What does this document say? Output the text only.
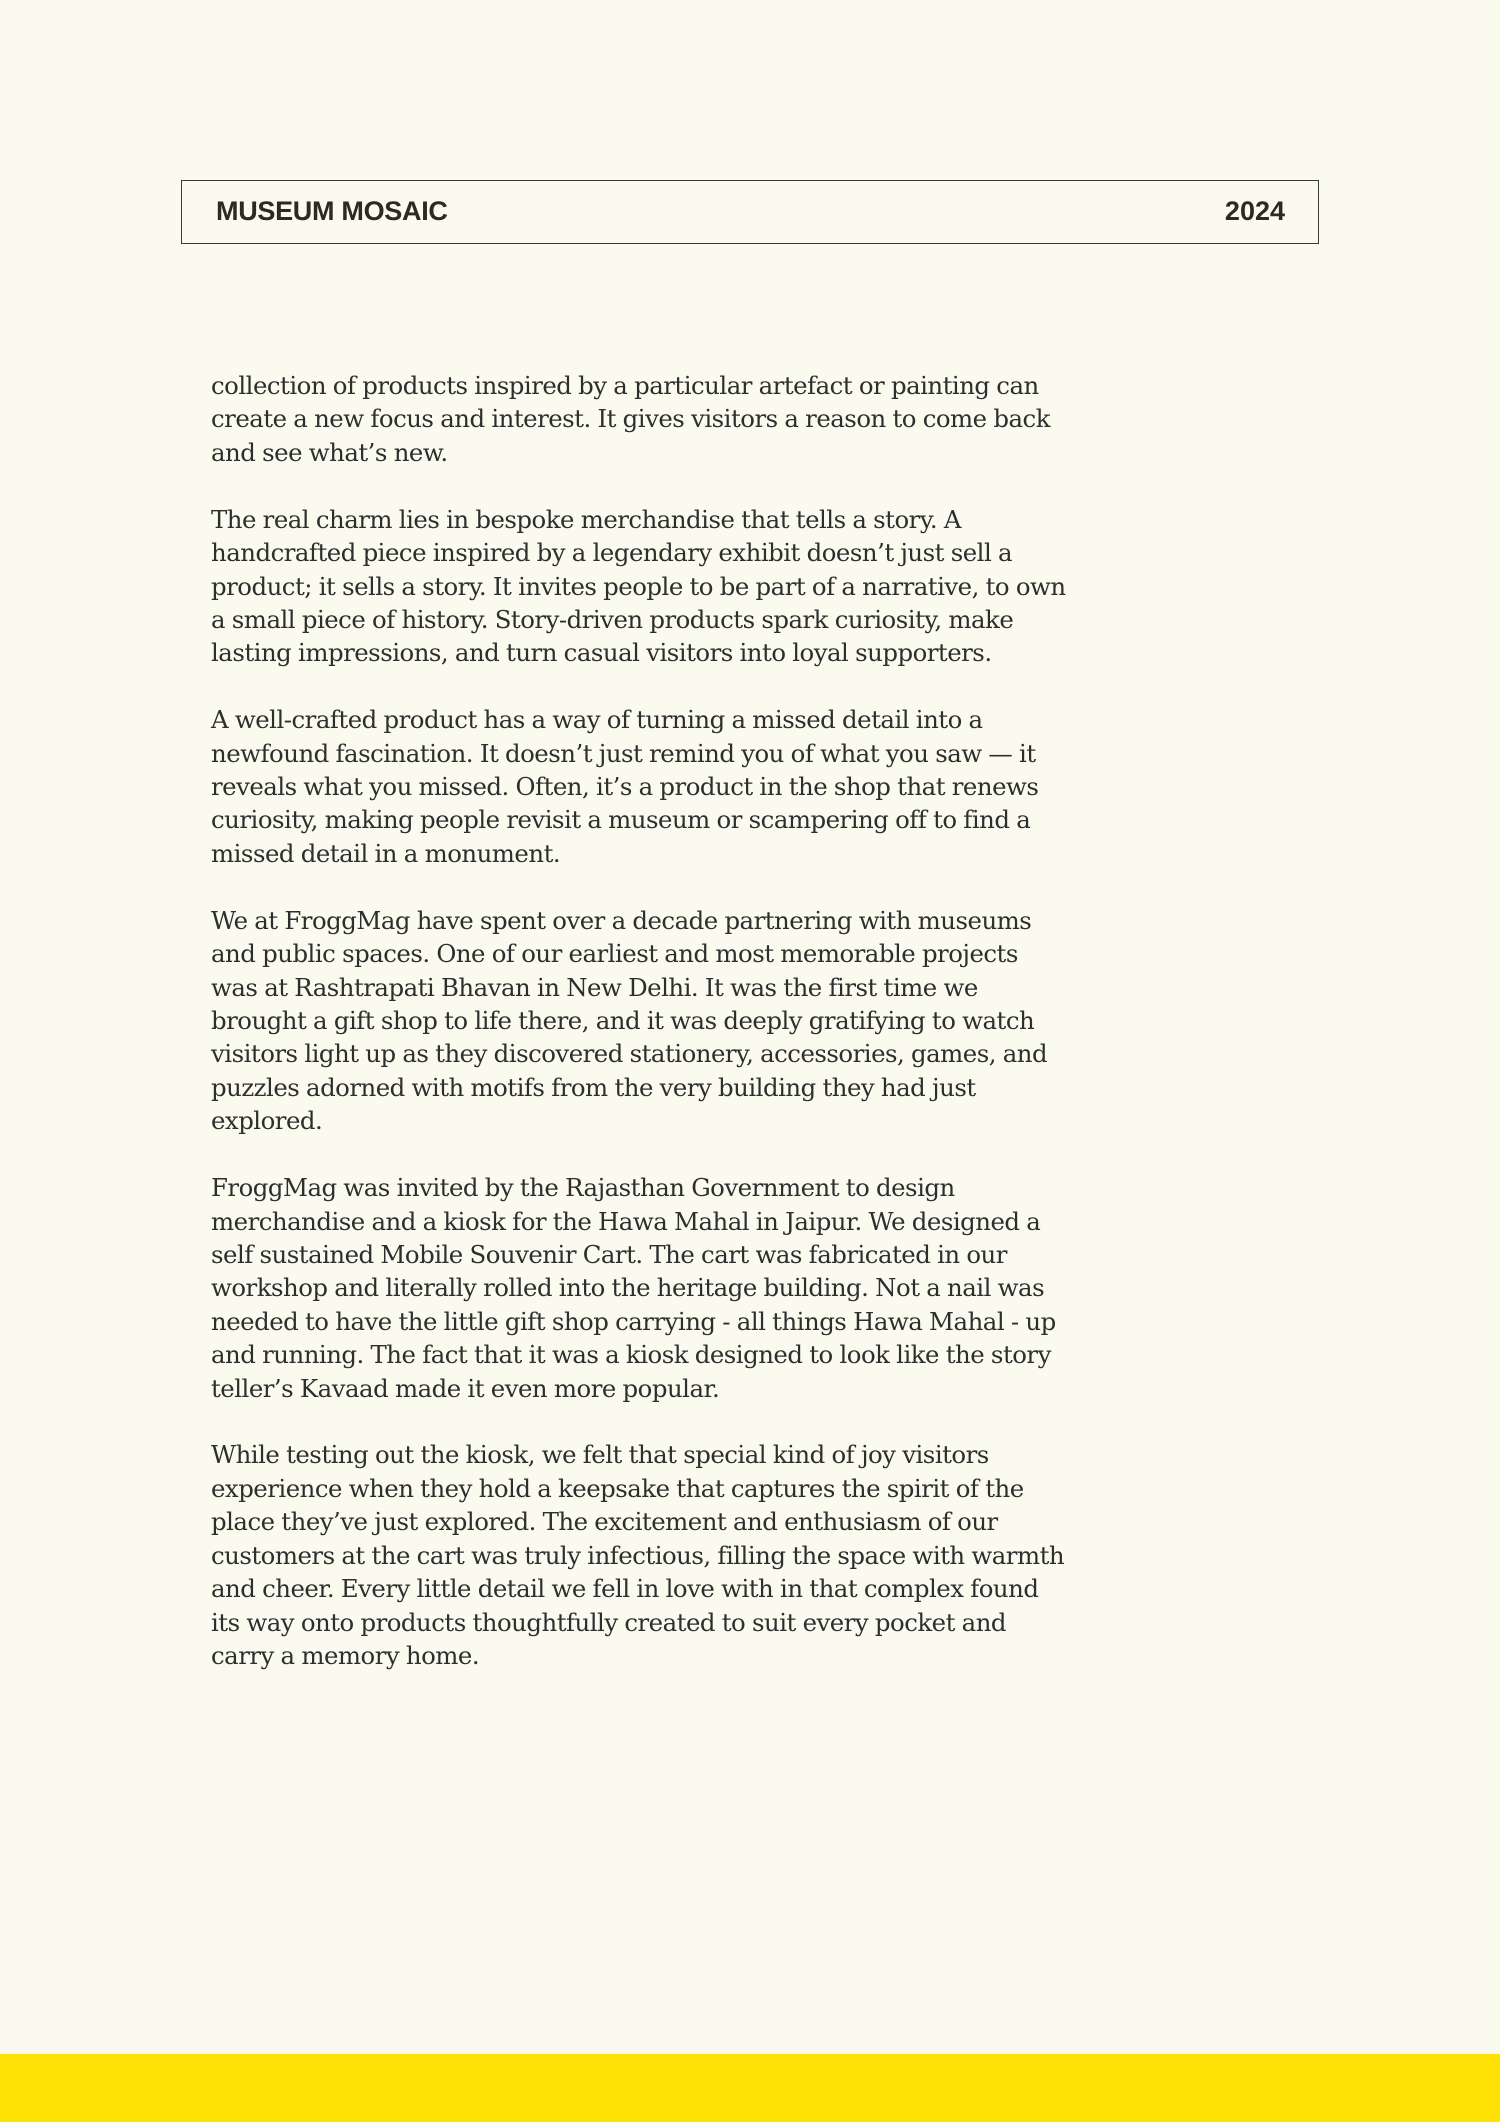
MUSEUM MOSAIC	2024

collection of products inspired by a particular artefact or painting can create a new focus and interest. It gives visitors a reason to come back and see what’s new.

The real charm lies in bespoke merchandise that tells a story. A handcrafted piece inspired by a legendary exhibit doesn’t just sell a product; it sells a story. It invites people to be part of a narrative, to own a small piece of history. Story-driven products spark curiosity, make lasting impressions, and turn casual visitors into loyal supporters.

A well-crafted product has a way of turning a missed detail into a newfound fascination. It doesn’t just remind you of what you saw — it reveals what you missed. Often, it’s a product in the shop that renews curiosity, making people revisit a museum or scampering off to find a missed detail in a monument.

We at FroggMag have spent over a decade partnering with museums and public spaces. One of our earliest and most memorable projects was at Rashtrapati Bhavan in New Delhi. It was the first time we brought a gift shop to life there, and it was deeply gratifying to watch visitors light up as they discovered stationery, accessories, games, and puzzles adorned with motifs from the very building they had just explored.

FroggMag was invited by the Rajasthan Government to design merchandise and a kiosk for the Hawa Mahal in Jaipur. We designed a self sustained Mobile Souvenir Cart. The cart was fabricated in our workshop and literally rolled into the heritage building. Not a nail was needed to have the little gift shop carrying - all things Hawa Mahal - up and running. The fact that it was a kiosk designed to look like the story teller’s Kavaad made it even more popular.

While testing out the kiosk, we felt that special kind of joy visitors experience when they hold a keepsake that captures the spirit of the place they’ve just explored. The excitement and enthusiasm of our customers at the cart was truly infectious, filling the space with warmth and cheer. Every little detail we fell in love with in that complex found its way onto products thoughtfully created to suit every pocket and carry a memory home.
